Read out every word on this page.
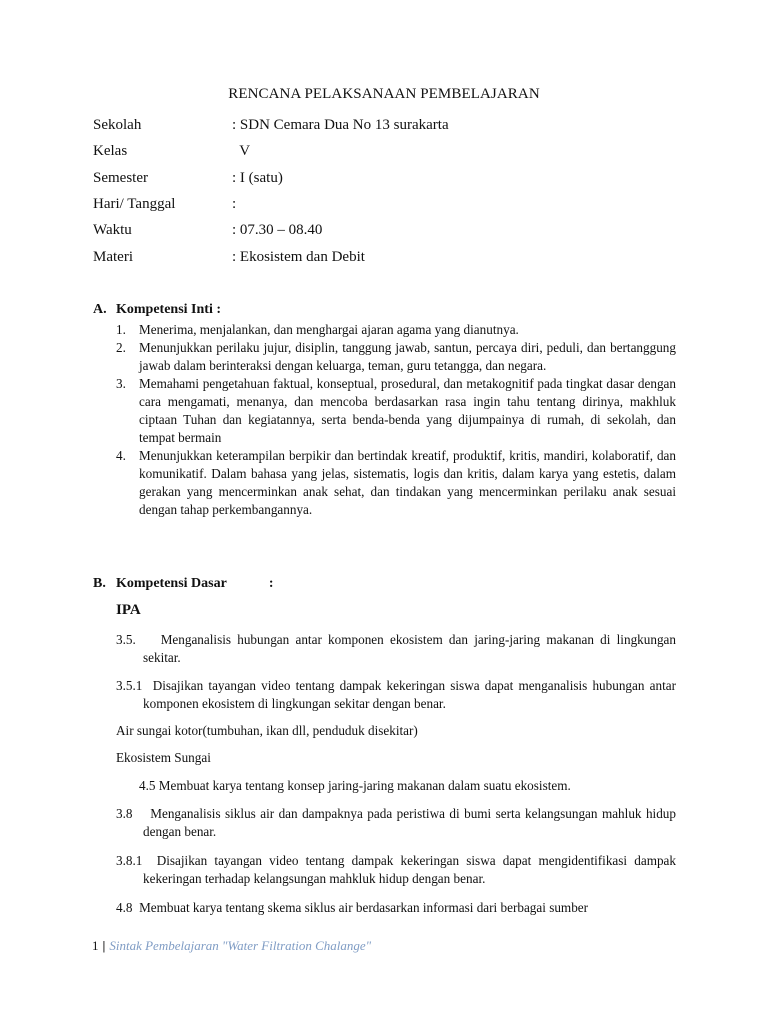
RENCANA PELAKSANAAN PEMBELAJARAN
Sekolah	: SDN Cemara Dua No 13 surakarta
Kelas	V
Semester	: I (satu)
Hari/ Tanggal	:
Waktu	: 07.30 – 08.40
Materi	: Ekosistem dan Debit
A. Kompetensi Inti :
1. Menerima, menjalankan, dan menghargai ajaran agama yang dianutnya.
2. Menunjukkan perilaku jujur, disiplin, tanggung jawab, santun, percaya diri, peduli, dan bertanggung jawab dalam berinteraksi dengan keluarga, teman, guru tetangga, dan negara.
3. Memahami pengetahuan faktual, konseptual, prosedural, dan metakognitif pada tingkat dasar dengan cara mengamati, menanya, dan mencoba berdasarkan rasa ingin tahu tentang dirinya, makhluk ciptaan Tuhan dan kegiatannya, serta benda-benda yang dijumpainya di rumah, di sekolah, dan tempat bermain
4. Menunjukkan keterampilan berpikir dan bertindak kreatif, produktif, kritis, mandiri, kolaboratif, dan komunikatif. Dalam bahasa yang jelas, sistematis, logis dan kritis, dalam karya yang estetis, dalam gerakan yang mencerminkan anak sehat, dan tindakan yang mencerminkan perilaku anak sesuai dengan tahap perkembangannya.
B. Kompetensi Dasar	:
IPA
3.5.    Menganalisis hubungan antar komponen ekosistem dan jaring-jaring makanan di lingkungan sekitar.
3.5.1  Disajikan tayangan video tentang dampak kekeringan siswa dapat menganalisis hubungan antar komponen ekosistem di lingkungan sekitar dengan benar.
Air sungai kotor(tumbuhan, ikan dll, penduduk disekitar)
Ekosistem Sungai
4.5 Membuat karya tentang konsep jaring-jaring makanan dalam suatu ekosistem.
3.8    Menganalisis siklus air dan dampaknya pada peristiwa di bumi serta kelangsungan mahluk hidup dengan benar.
3.8.1  Disajikan tayangan video tentang dampak kekeringan siswa dapat mengidentifikasi dampak kekeringan terhadap kelangsungan mahkluk hidup dengan benar.
4.8  Membuat karya tentang skema siklus air berdasarkan informasi dari berbagai sumber
1 | Sintak Pembelajaran "Water Filtration Chalange"
